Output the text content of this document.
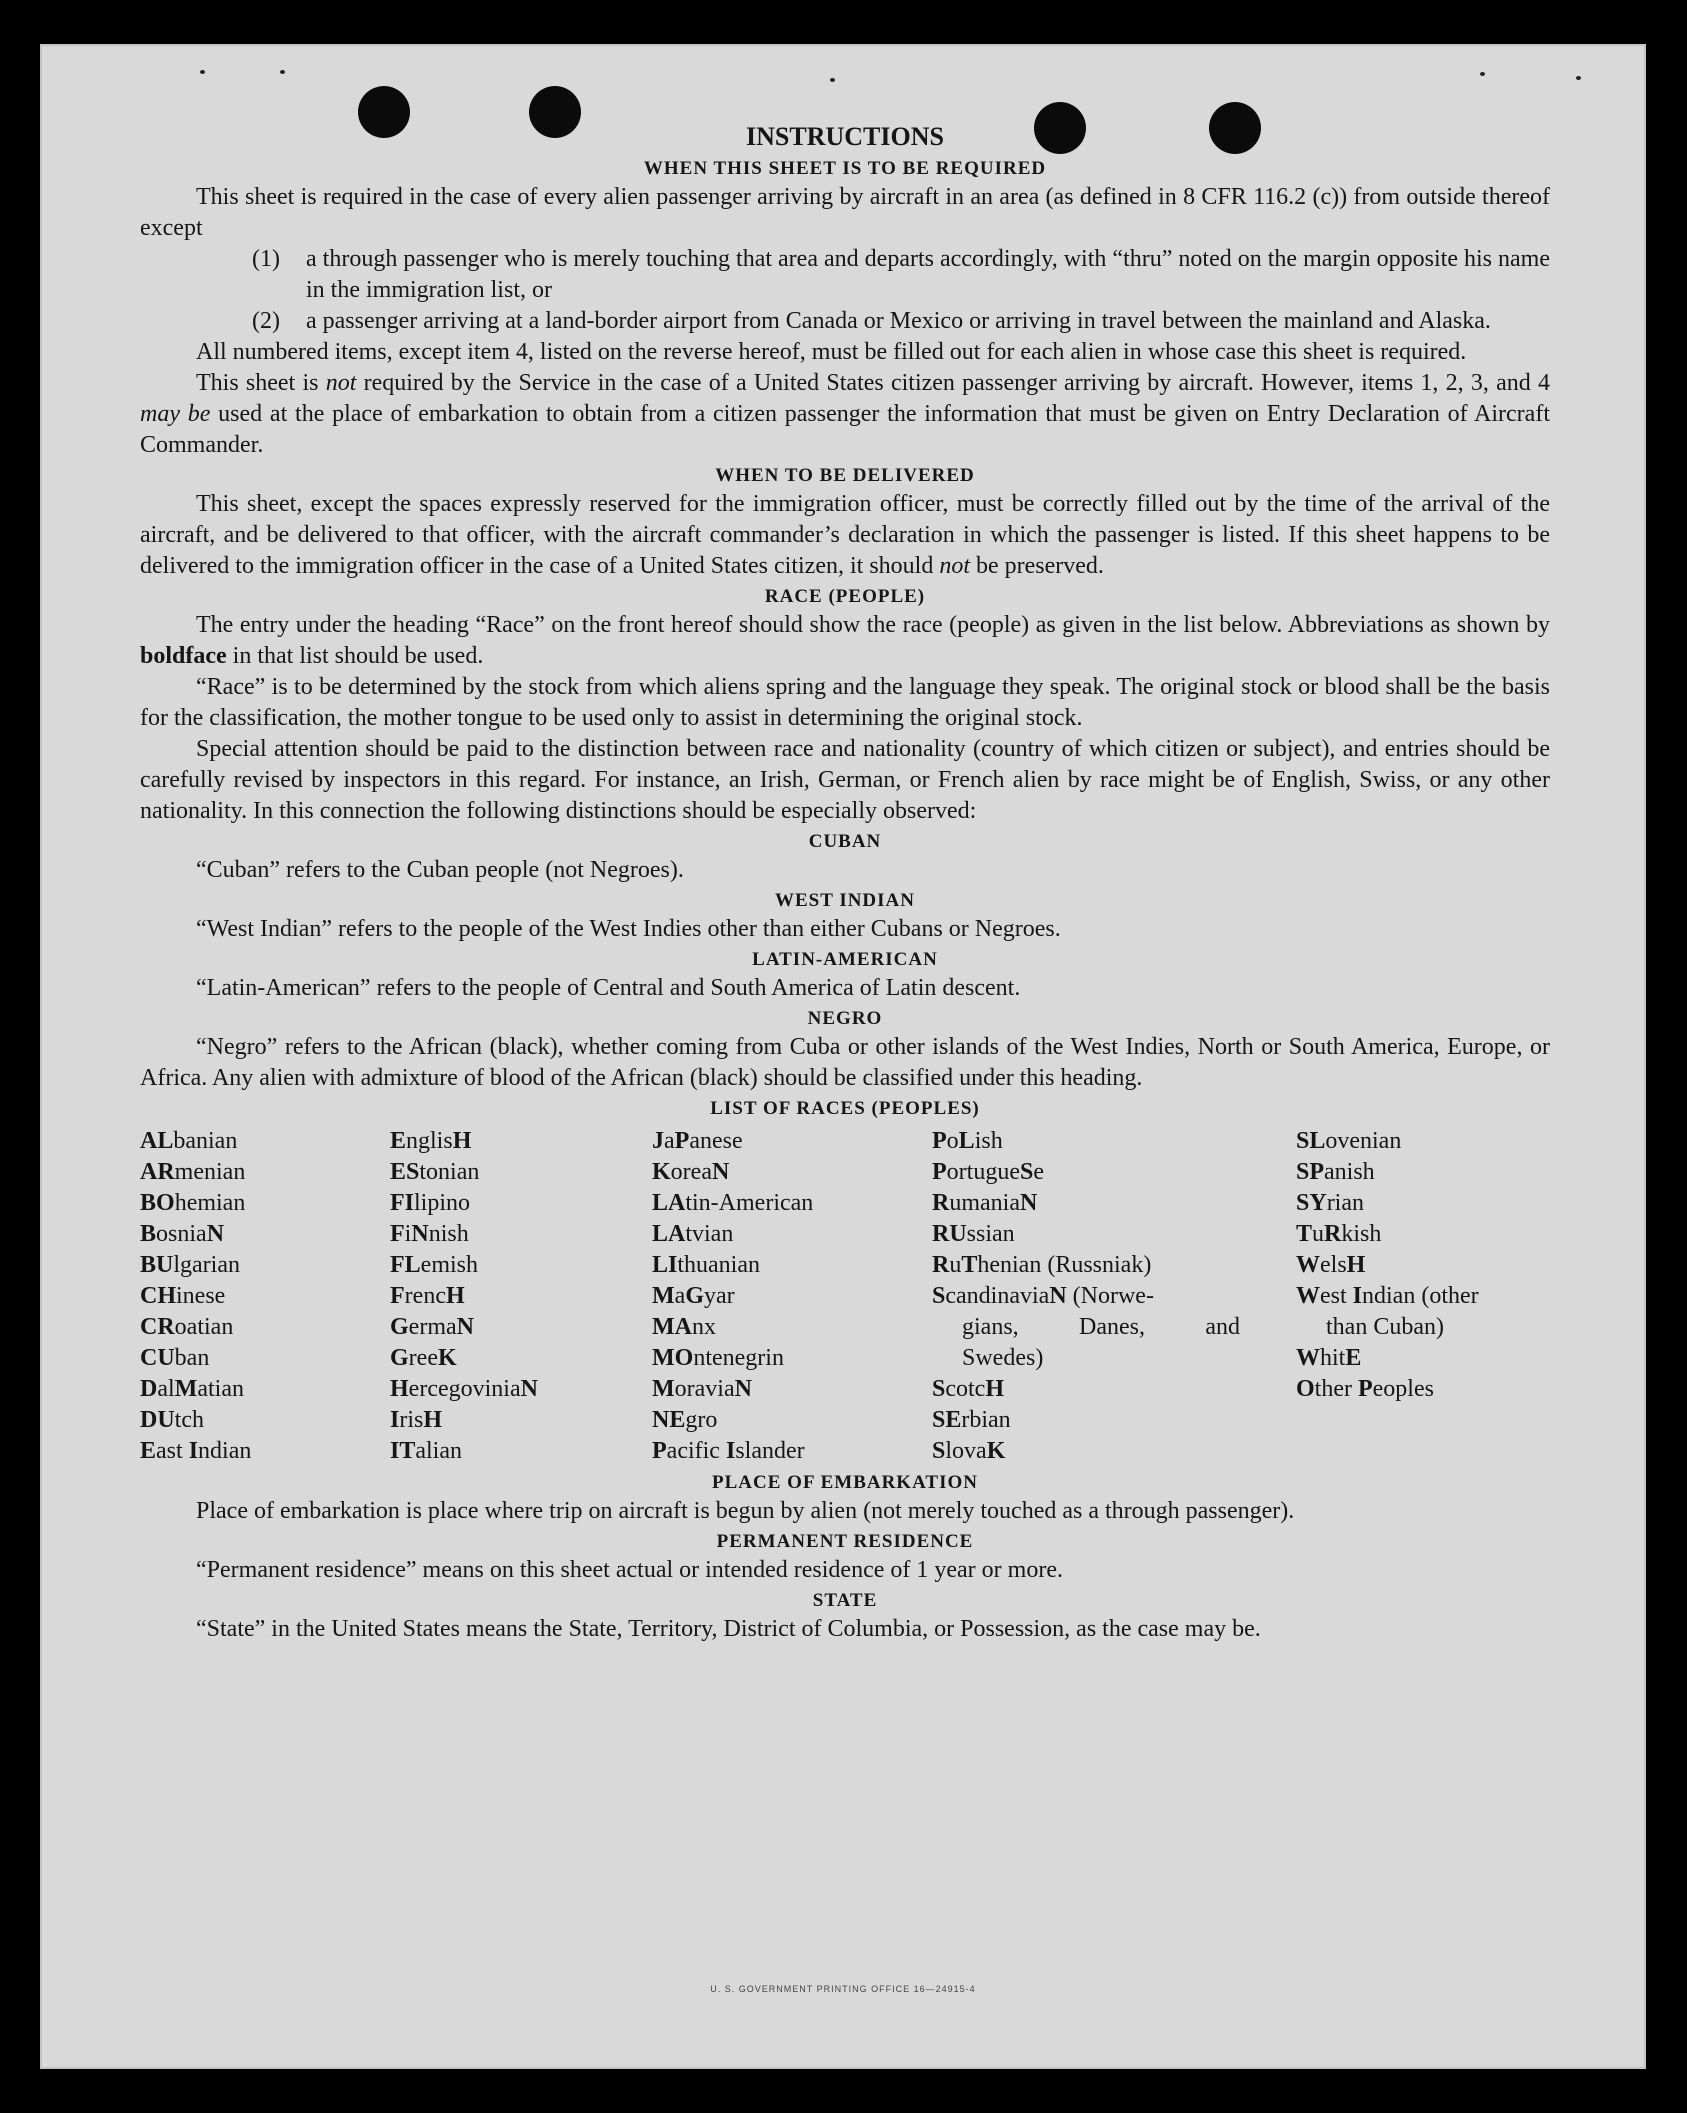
INSTRUCTIONS
WHEN THIS SHEET IS TO BE REQUIRED

This sheet is required in the case of every alien passenger arriving by aircraft in an area (as defined in 8 CFR 116.2 (c)) from outside thereof except

(1)	a through passenger who is merely touching that area and departs accordingly, with “thru” noted on the margin opposite his name in the immigration list, or
(2)	a passenger arriving at a land-border airport from Canada or Mexico or arriving in travel between the mainland and Alaska.

All numbered items, except item 4, listed on the reverse hereof, must be filled out for each alien in whose case this sheet is required.

This sheet is not required by the Service in the case of a United States citizen passenger arriving by aircraft. However, items 1, 2, 3, and 4 may be used at the place of embarkation to obtain from a citizen passenger the information that must be given on Entry Declaration of Aircraft Commander.

WHEN TO BE DELIVERED

This sheet, except the spaces expressly reserved for the immigration officer, must be correctly filled out by the time of the arrival of the aircraft, and be delivered to that officer, with the aircraft commander’s declaration in which the passenger is listed. If this sheet happens to be delivered to the immigration officer in the case of a United States citizen, it should not be preserved.

RACE (PEOPLE)

The entry under the heading “Race” on the front hereof should show the race (people) as given in the list below. Abbreviations as shown by boldface in that list should be used.

“Race” is to be determined by the stock from which aliens spring and the language they speak. The original stock or blood shall be the basis for the classification, the mother tongue to be used only to assist in determining the original stock.

Special attention should be paid to the distinction between race and nationality (country of which citizen or subject), and entries should be carefully revised by inspectors in this regard. For instance, an Irish, German, or French alien by race might be of English, Swiss, or any other nationality. In this connection the following distinctions should be especially observed:

CUBAN

“Cuban” refers to the Cuban people (not Negroes).

WEST INDIAN

“West Indian” refers to the people of the West Indies other than either Cubans or Negroes.

LATIN-AMERICAN

“Latin-American” refers to the people of Central and South America of Latin descent.

NEGRO

“Negro” refers to the African (black), whether coming from Cuba or other islands of the West Indies, North or South America, Europe, or Africa. Any alien with admixture of blood of the African (black) should be classified under this heading.

LIST OF RACES (PEOPLES)
ALbanian
ARmenian
BOhemian
BosniaN
BUlgarian
CHinese
CRoatian
CUban
DalMatian
DUtch
East Indian
EnglisH
EStonian
FIlipino
FiNnish
FLemish
FrencH
GermaN
GreeK
HercegoviniaN
IrisH
ITalian
JaPanese
KoreaN
LAtin-American
LAtvian
LIthuanian
MaGyar
MAnx
MOntenegrin
MoraviaN
NEgro
Pacific Islander
PoLish
PortugueSe
RumaniaN
RUssian
RuThenian (Russniak)
ScandinaviaN (Norwe-
gians,	Danes,	and
Swedes)
ScotcH
SErbian
SlovaK
SLovenian
SPanish
SYrian
TuRkish
WelsH
West Indian (other
than Cuban)
WhitE
Other Peoples
PLACE OF EMBARKATION

Place of embarkation is place where trip on aircraft is begun by alien (not merely touched as a through passenger).

PERMANENT RESIDENCE

“Permanent residence” means on this sheet actual or intended residence of 1 year or more.

STATE

“State” in the United States means the State, Territory, District of Columbia, or Possession, as the case may be.

U. S. GOVERNMENT PRINTING OFFICE 16—24915-4
